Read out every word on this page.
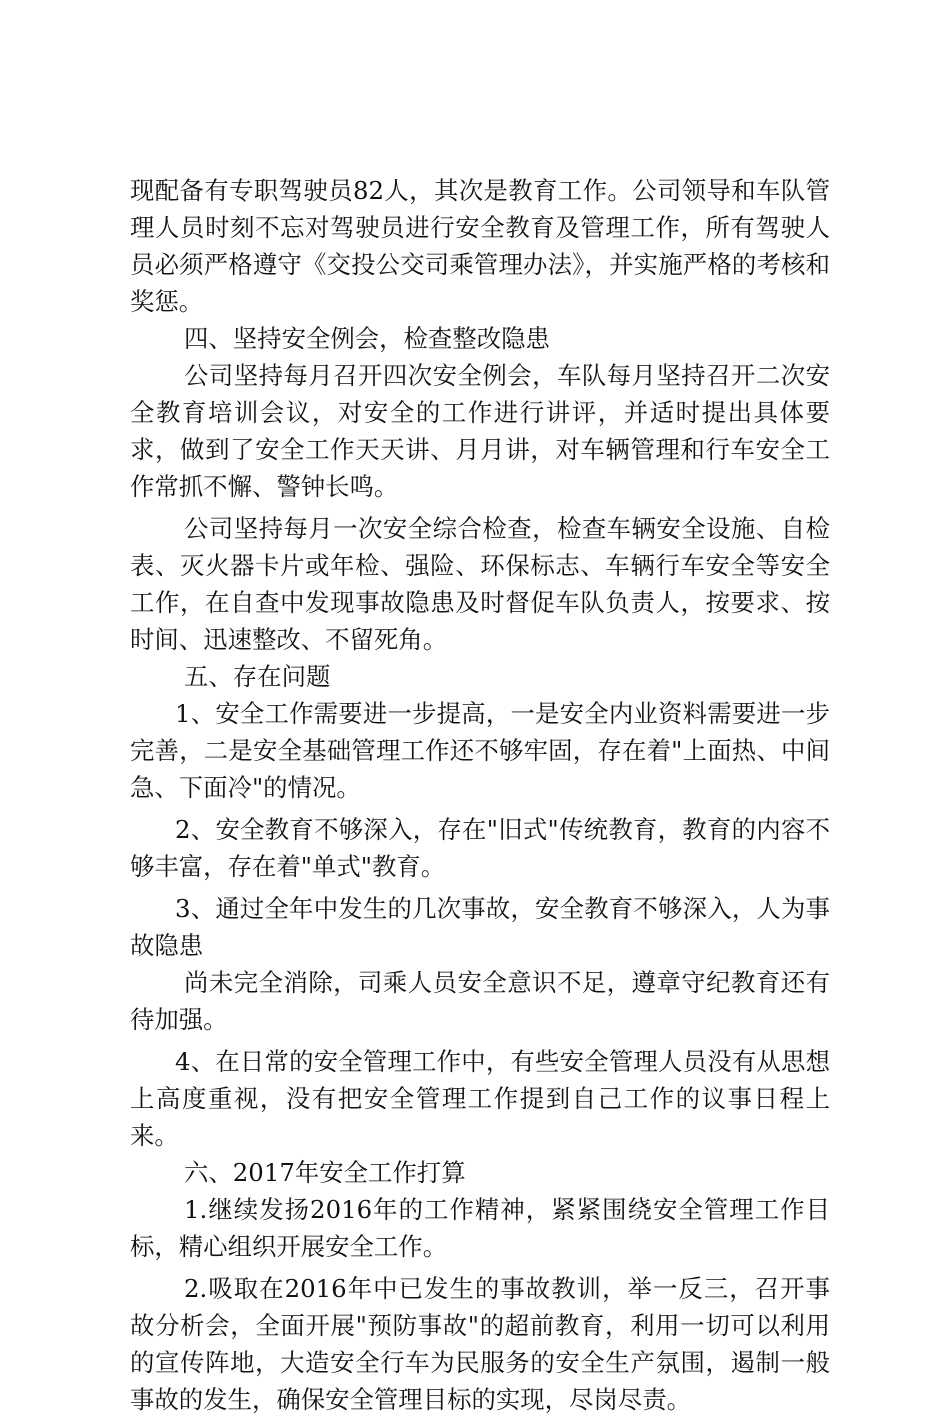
现配备有专职驾驶员82人，其次是教育工作。公司领导和车队管理人员时刻不忘对驾驶员进行安全教育及管理工作，所有驾驶人员必须严格遵守《交投公交司乘管理办法》，并实施严格的考核和奖惩。

四、坚持安全例会，检查整改隐患

公司坚持每月召开四次安全例会，车队每月坚持召开二次安全教育培训会议，对安全的工作进行讲评，并适时提出具体要求，做到了安全工作天天讲、月月讲，对车辆管理和行车安全工作常抓不懈、警钟长鸣。

公司坚持每月一次安全综合检查，检查车辆安全设施、自检表、灭火器卡片或年检、强险、环保标志、车辆行车安全等安全工作，在自查中发现事故隐患及时督促车队负责人，按要求、按时间、迅速整改、不留死角。

五、存在问题

1、安全工作需要进一步提高，一是安全内业资料需要进一步完善，二是安全基础管理工作还不够牢固，存在着"上面热、中间急、下面冷"的情况。

2、安全教育不够深入，存在"旧式"传统教育，教育的内容不够丰富，存在着"单式"教育。

3、通过全年中发生的几次事故，安全教育不够深入，人为事故隐患

尚未完全消除，司乘人员安全意识不足，遵章守纪教育还有待加强。

4、在日常的安全管理工作中，有些安全管理人员没有从思想上高度重视，没有把安全管理工作提到自己工作的议事日程上来。

六、2017年安全工作打算

1.继续发扬2016年的工作精神，紧紧围绕安全管理工作目标，精心组织开展安全工作。

2.吸取在2016年中已发生的事故教训，举一反三，召开事故分析会，全面开展"预防事故"的超前教育，利用一切可以利用的宣传阵地，大造安全行车为民服务的安全生产氛围，遏制一般事故的发生，确保安全管理目标的实现，尽岗尽责。
